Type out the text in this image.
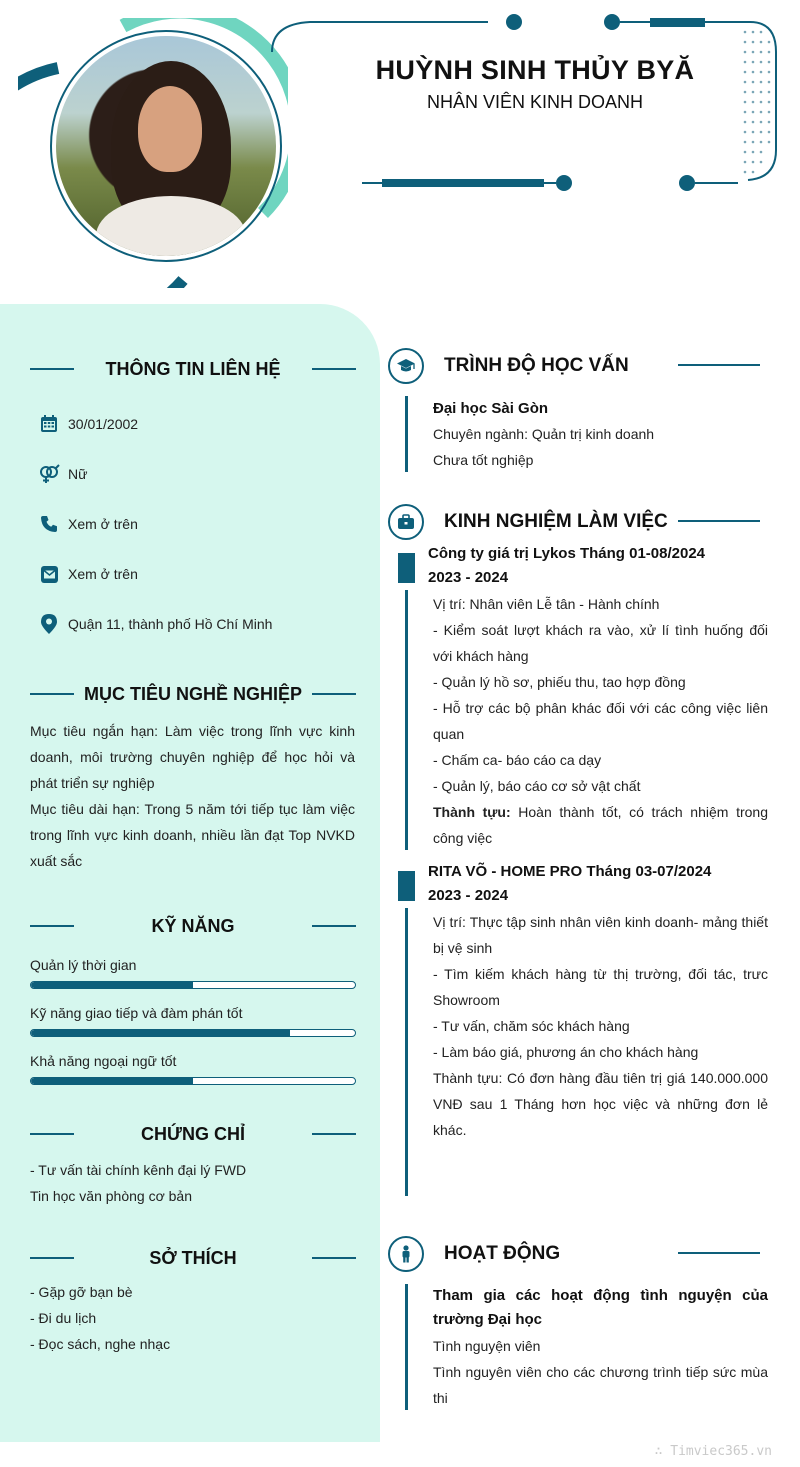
HUỲNH SINH THỦY BYĂ
NHÂN VIÊN KINH DOANH
THÔNG TIN LIÊN HỆ
30/01/2002
Nữ
Xem ở trên
Xem ở trên
Quận 11, thành phố Hồ Chí Minh
MỤC TIÊU NGHỀ NGHIỆP
Mục tiêu ngắn hạn: Làm việc trong lĩnh vực kinh doanh, môi trường chuyên nghiệp để học hỏi và phát triển sự nghiệp
Mục tiêu dài hạn: Trong 5 năm tới tiếp tục làm việc trong lĩnh vực kinh doanh, nhiều lần đạt Top NVKD xuất sắc
KỸ NĂNG
Quản lý thời gian
Kỹ năng giao tiếp và đàm phán tốt
Khả năng ngoại ngữ tốt
CHỨNG CHỈ
- Tư vấn tài chính kênh đại lý FWD
Tin học văn phòng cơ bản
SỞ THÍCH
- Gặp gỡ bạn bè
- Đi du lịch
- Đọc sách, nghe nhạc
TRÌNH ĐỘ HỌC VẤN
Đại học Sài Gòn
Chuyên ngành: Quản trị kinh doanh
Chưa tốt nghiệp
KINH NGHIỆM LÀM VIỆC
Công ty giá trị Lykos Tháng 01-08/2024
2023 - 2024
Vị trí: Nhân viên Lễ tân - Hành chính
- Kiểm soát lượt khách ra vào, xử lí tình huống đối với khách hàng
- Quản lý hồ sơ, phiếu thu, tao hợp đồng
- Hỗ trợ các bộ phân khác đối với các công việc liên quan
- Chấm ca- báo cáo ca dạy
- Quản lý, báo cáo cơ sở vật chất
Thành tựu: Hoàn thành tốt, có trách nhiệm trong công việc
RITA VÕ - HOME PRO Tháng 03-07/2024
2023 - 2024
Vị trí: Thực tập sinh nhân viên kinh doanh- mảng thiết bị vệ sinh
- Tìm kiếm khách hàng từ thị trường, đối tác, trưc Showroom
- Tư vấn, chăm sóc khách hàng
- Làm báo giá, phương án cho khách hàng
Thành tựu: Có đơn hàng đầu tiên trị giá 140.000.000 VNĐ sau 1 Tháng hơn học việc và những đơn lẻ khác.
HOẠT ĐỘNG
Tham gia các hoạt động tình nguyện của trường Đại học
Tình nguyện viên
Tình nguyên viên cho các chương trình tiếp sức mùa thi
∴ Timviec365.vn
